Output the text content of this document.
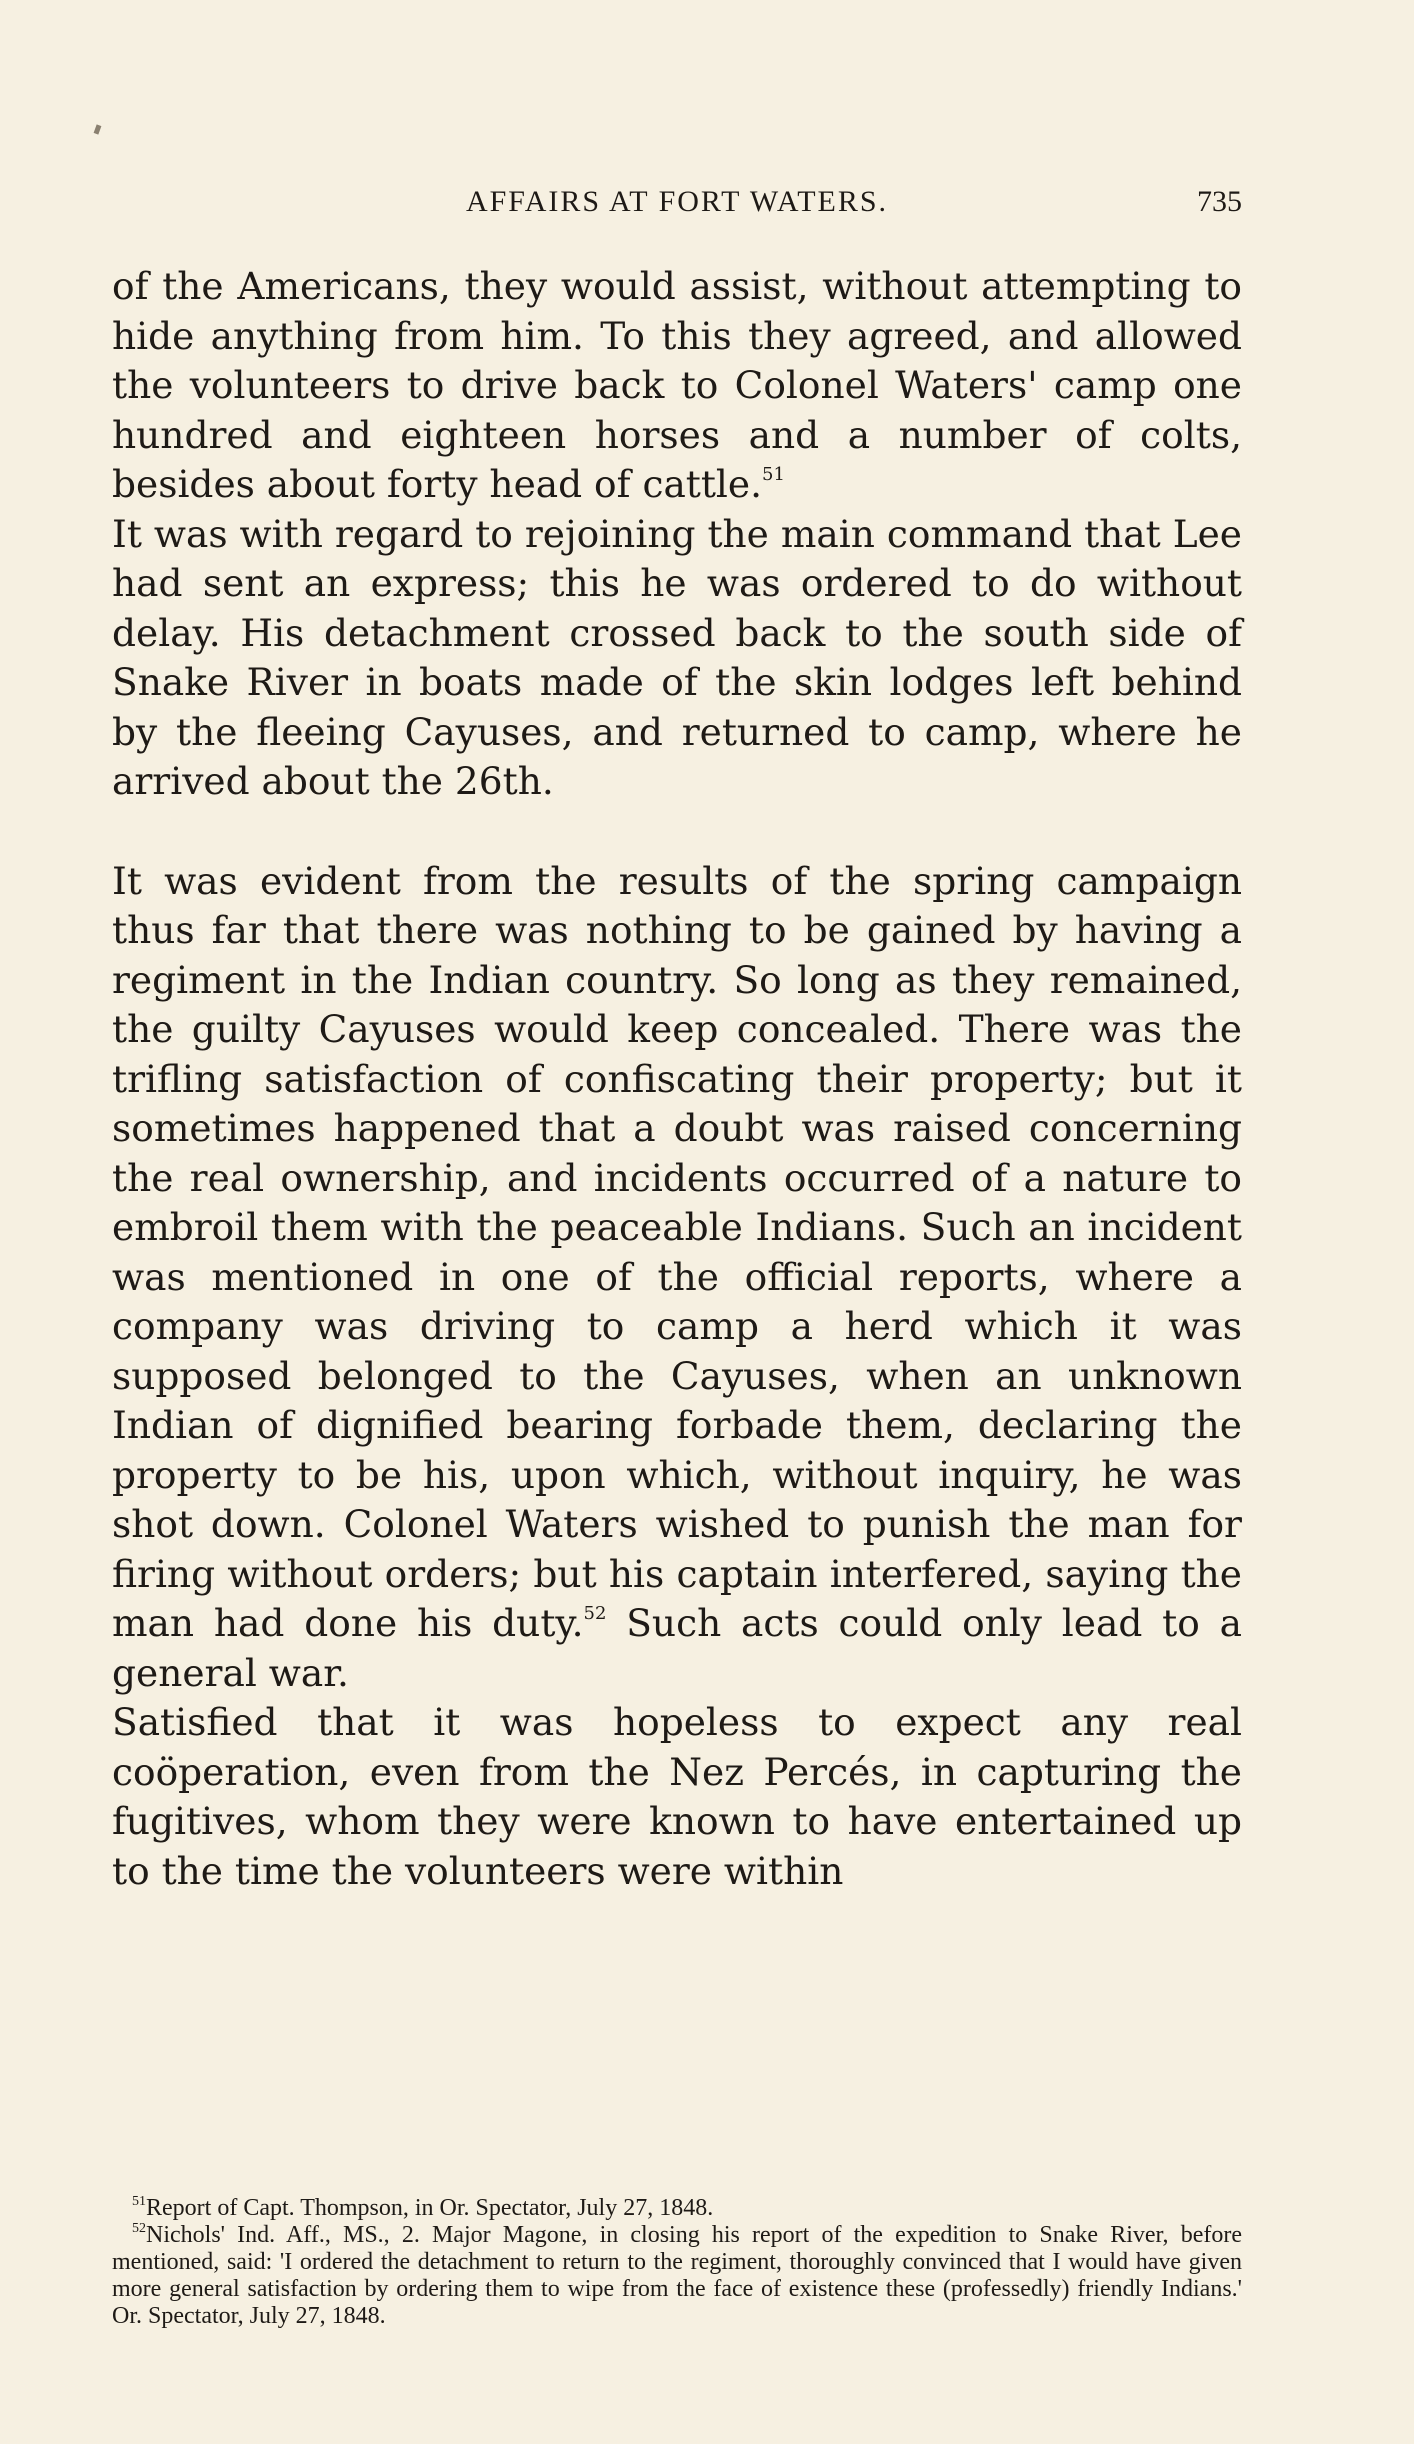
AFFAIRS AT FORT WATERS.	735

of the Americans, they would assist, without attempting to hide anything from him. To this they agreed, and allowed the volunteers to drive back to Colonel Waters' camp one hundred and eighteen horses and a number of colts, besides about forty head of cattle.$^{51}$

It was with regard to rejoining the main command that Lee had sent an express; this he was ordered to do without delay. His detachment crossed back to the south side of Snake River in boats made of the skin lodges left behind by the fleeing Cayuses, and returned to camp, where he arrived about the 26th.

It was evident from the results of the spring campaign thus far that there was nothing to be gained by having a regiment in the Indian country. So long as they remained, the guilty Cayuses would keep concealed. There was the trifling satisfaction of confiscating their property; but it sometimes happened that a doubt was raised concerning the real ownership, and incidents occurred of a nature to embroil them with the peaceable Indians. Such an incident was mentioned in one of the official reports, where a company was driving to camp a herd which it was supposed belonged to the Cayuses, when an unknown Indian of dignified bearing forbade them, declaring the property to be his, upon which, without inquiry, he was shot down. Colonel Waters wished to punish the man for firing without orders; but his captain interfered, saying the man had done his duty.$^{52}$ Such acts could only lead to a general war.

Satisfied that it was hopeless to expect any real coöperation, even from the Nez Percés, in capturing the fugitives, whom they were known to have entertained up to the time the volunteers were within

$^{51}$Report of Capt. Thompson, in Or. Spectator, July 27, 1848.

$^{52}$Nichols' Ind. Aff., MS., 2. Major Magone, in closing his report of the expedition to Snake River, before mentioned, said: 'I ordered the detachment to return to the regiment, thoroughly convinced that I would have given more general satisfaction by ordering them to wipe from the face of existence these (professedly) friendly Indians.' Or. Spectator, July 27, 1848.
